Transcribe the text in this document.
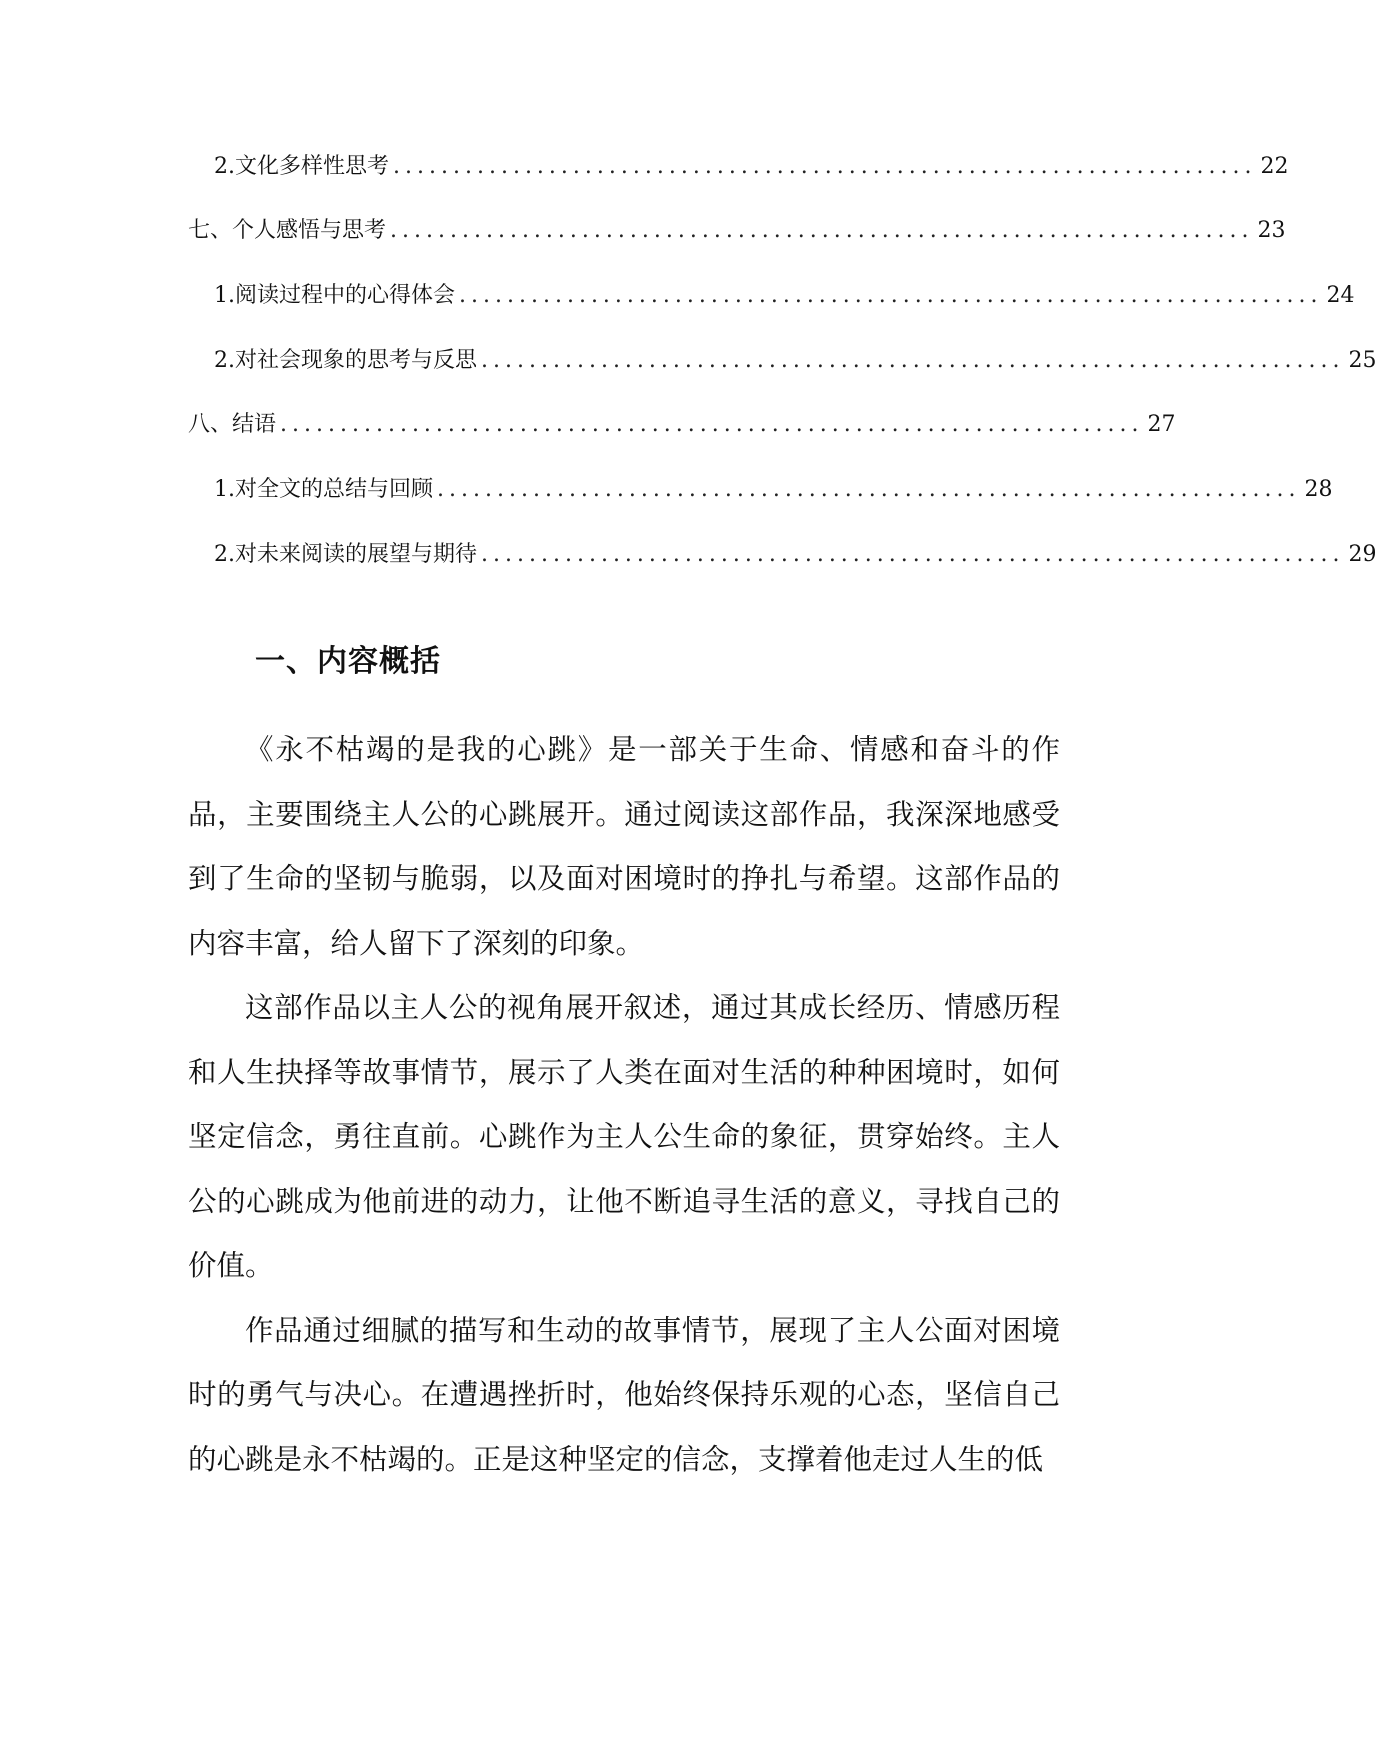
2. 文化多样性思考 ........................................................................ 22
七、个人感悟与思考 ........................................................................ 23
1. 阅读过程中的心得体会 ........................................................................ 24
2. 对社会现象的思考与反思 ........................................................................ 25
八、结语 ........................................................................ 27
1. 对全文的总结与回顾 ........................................................................ 28
2. 对未来阅读的展望与期待 ........................................................................ 29
一、内容概括

《永不枯竭的是我的心跳》是一部关于生命、情感和奋斗的作品，主要围绕主人公的心跳展开。通过阅读这部作品，我深深地感受到了生命的坚韧与脆弱，以及面对困境时的挣扎与希望。这部作品的内容丰富，给人留下了深刻的印象。

这部作品以主人公的视角展开叙述，通过其成长经历、情感历程和人生抉择等故事情节，展示了人类在面对生活的种种困境时，如何坚定信念，勇往直前。心跳作为主人公生命的象征，贯穿始终。主人公的心跳成为他前进的动力，让他不断追寻生活的意义，寻找自己的价值。

作品通过细腻的描写和生动的故事情节，展现了主人公面对困境时的勇气与决心。在遭遇挫折时，他始终保持乐观的心态，坚信自己的心跳是永不枯竭的。正是这种坚定的信念，支撑着他走过人生的低
